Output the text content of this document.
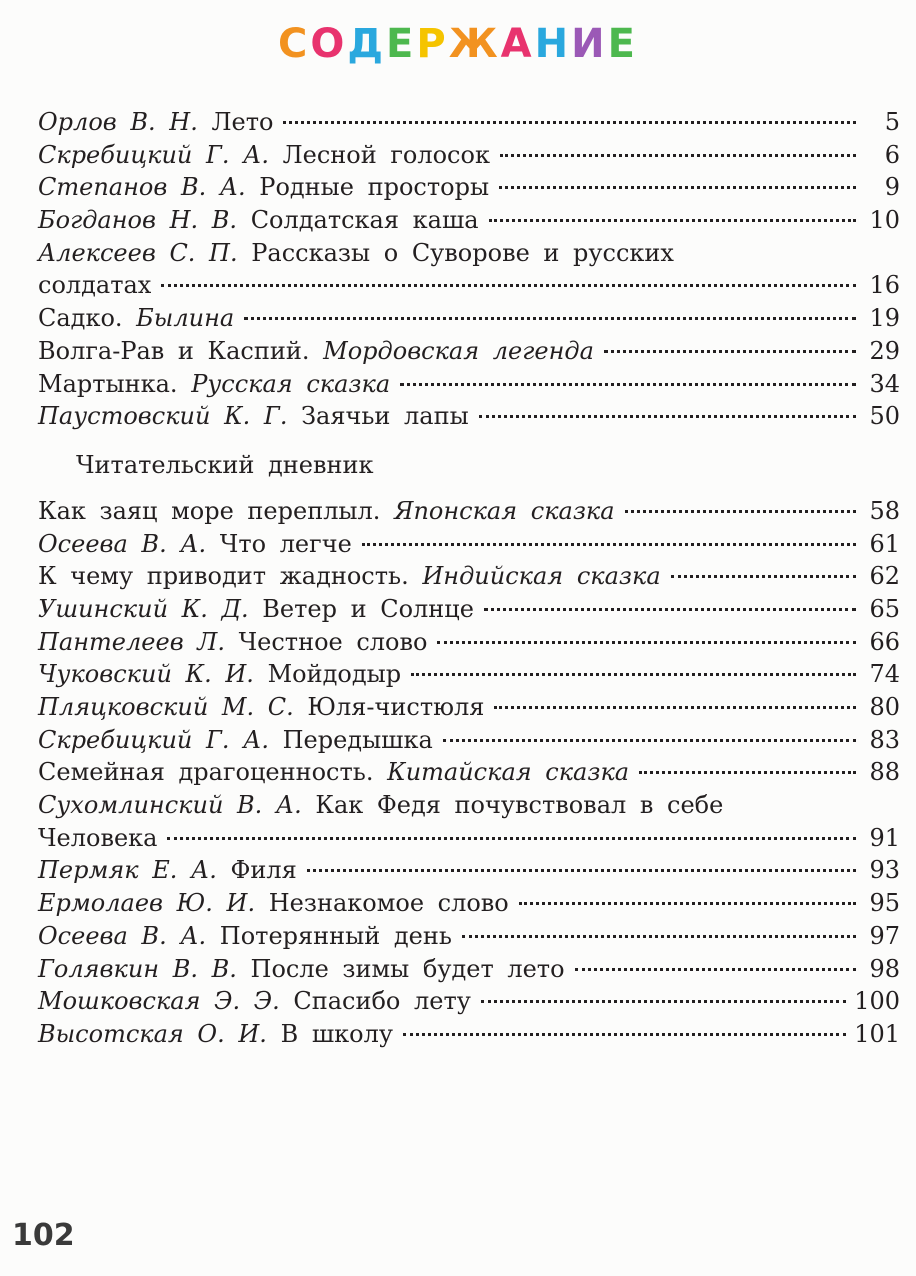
СОДЕРЖАНИЕ
Орлов В. Н. Лето	5
Скребицкий Г. А. Лесной голосок	6
Степанов В. А. Родные просторы	9
Богданов Н. В. Солдатская каша	10
Алексеев С. П. Рассказы о Суворове и русских
солдатах	16
Садко. Былина	19
Волга-Рав и Каспий. Мордовская легенда	29
Мартынка. Русская сказка	34
Паустовский К. Г. Заячьи лапы	50
Читательский дневник
Как заяц море переплыл. Японская сказка	58
Осеева В. А. Что легче	61
К чему приводит жадность. Индийская сказка	62
Ушинский К. Д. Ветер и Солнце	65
Пантелеев Л. Честное слово	66
Чуковский К. И. Мойдодыр	74
Пляцковский М. С. Юля-чистюля	80
Скребицкий Г. А. Передышка	83
Семейная драгоценность. Китайская сказка	88
Сухомлинский В. А. Как Федя почувствовал в себе
Человека	91
Пермяк Е. А. Филя	93
Ермолаев Ю. И. Незнакомое слово	95
Осеева В. А. Потерянный день	97
Голявкин В. В. После зимы будет лето	98
Мошковская Э. Э. Спасибо лету	100
Высотская О. И. В школу	101
102
